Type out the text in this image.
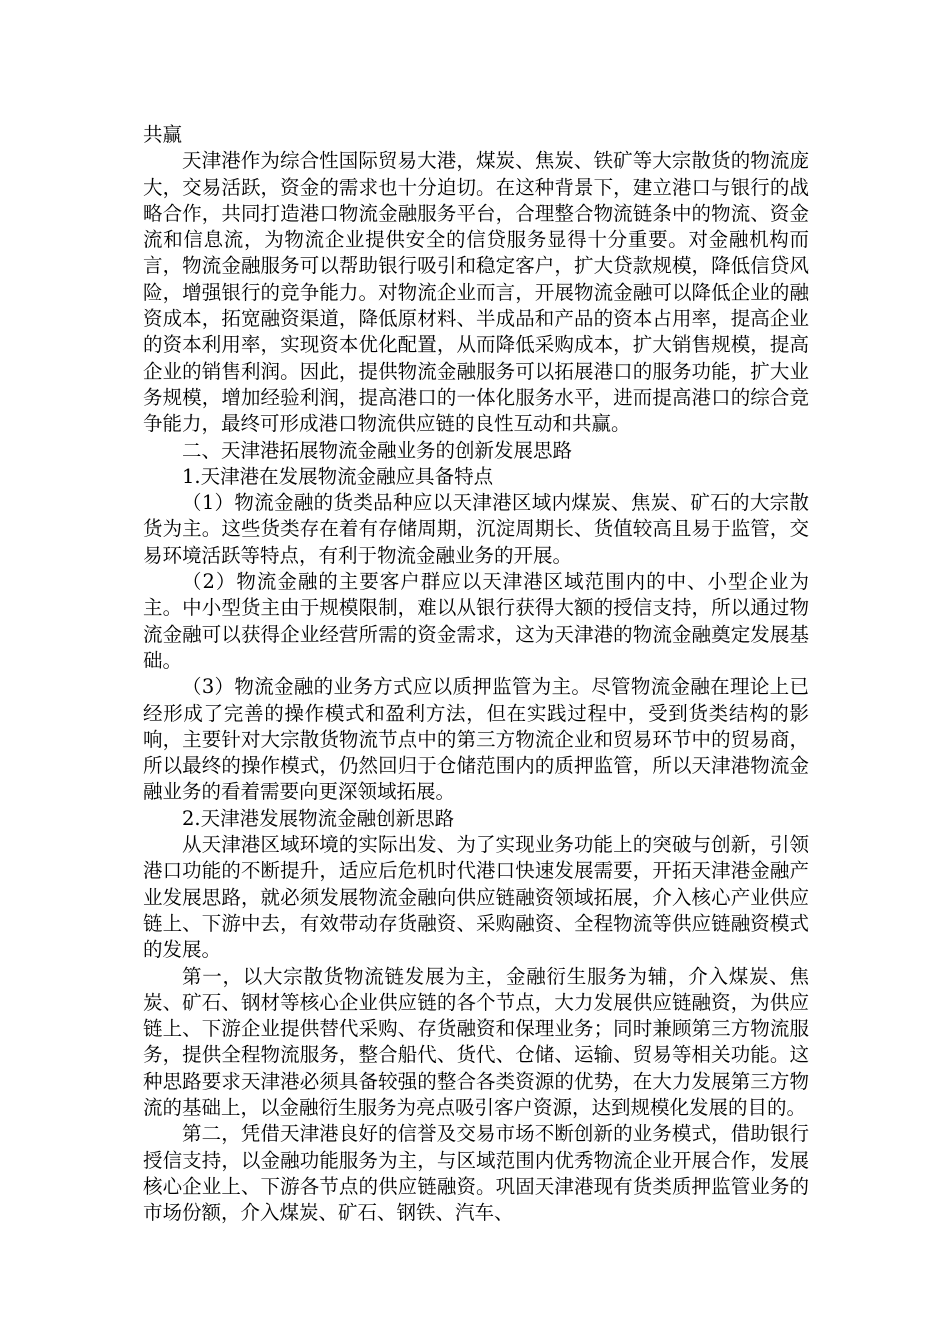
共赢

天津港作为综合性国际贸易大港，煤炭、焦炭、铁矿等大宗散货的物流庞大，交易活跃，资金的需求也十分迫切。在这种背景下，建立港口与银行的战略合作，共同打造港口物流金融服务平台，合理整合物流链条中的物流、资金流和信息流，为物流企业提供安全的信贷服务显得十分重要。对金融机构而言，物流金融服务可以帮助银行吸引和稳定客户，扩大贷款规模，降低信贷风险，增强银行的竞争能力。对物流企业而言，开展物流金融可以降低企业的融资成本，拓宽融资渠道，降低原材料、半成品和产品的资本占用率，提高企业的资本利用率，实现资本优化配置，从而降低采购成本，扩大销售规模，提高企业的销售利润。因此，提供物流金融服务可以拓展港口的服务功能，扩大业务规模，增加经验利润，提高港口的一体化服务水平，进而提高港口的综合竞争能力，最终可形成港口物流供应链的良性互动和共赢。

二、天津港拓展物流金融业务的创新发展思路

1.天津港在发展物流金融应具备特点

（1）物流金融的货类品种应以天津港区域内煤炭、焦炭、矿石的大宗散货为主。这些货类存在着有存储周期，沉淀周期长、货值较高且易于监管，交易环境活跃等特点，有利于物流金融业务的开展。

（2）物流金融的主要客户群应以天津港区域范围内的中、小型企业为主。中小型货主由于规模限制，难以从银行获得大额的授信支持，所以通过物流金融可以获得企业经营所需的资金需求，这为天津港的物流金融奠定发展基础。

（3）物流金融的业务方式应以质押监管为主。尽管物流金融在理论上已经形成了完善的操作模式和盈利方法，但在实践过程中，受到货类结构的影响，主要针对大宗散货物流节点中的第三方物流企业和贸易环节中的贸易商，所以最终的操作模式，仍然回归于仓储范围内的质押监管，所以天津港物流金融业务的看着需要向更深领域拓展。

2.天津港发展物流金融创新思路

从天津港区域环境的实际出发、为了实现业务功能上的突破与创新，引领港口功能的不断提升，适应后危机时代港口快速发展需要，开拓天津港金融产业发展思路，就必须发展物流金融向供应链融资领域拓展，介入核心产业供应链上、下游中去，有效带动存货融资、采购融资、全程物流等供应链融资模式的发展。

第一，以大宗散货物流链发展为主，金融衍生服务为辅，介入煤炭、焦炭、矿石、钢材等核心企业供应链的各个节点，大力发展供应链融资，为供应链上、下游企业提供替代采购、存货融资和保理业务；同时兼顾第三方物流服务，提供全程物流服务，整合船代、货代、仓储、运输、贸易等相关功能。这种思路要求天津港必须具备较强的整合各类资源的优势，在大力发展第三方物流的基础上，以金融衍生服务为亮点吸引客户资源，达到规模化发展的目的。

第二，凭借天津港良好的信誉及交易市场不断创新的业务模式，借助银行授信支持，以金融功能服务为主，与区域范围内优秀物流企业开展合作，发展核心企业上、下游各节点的供应链融资。巩固天津港现有货类质押监管业务的市场份额，介入煤炭、矿石、钢铁、汽车、
